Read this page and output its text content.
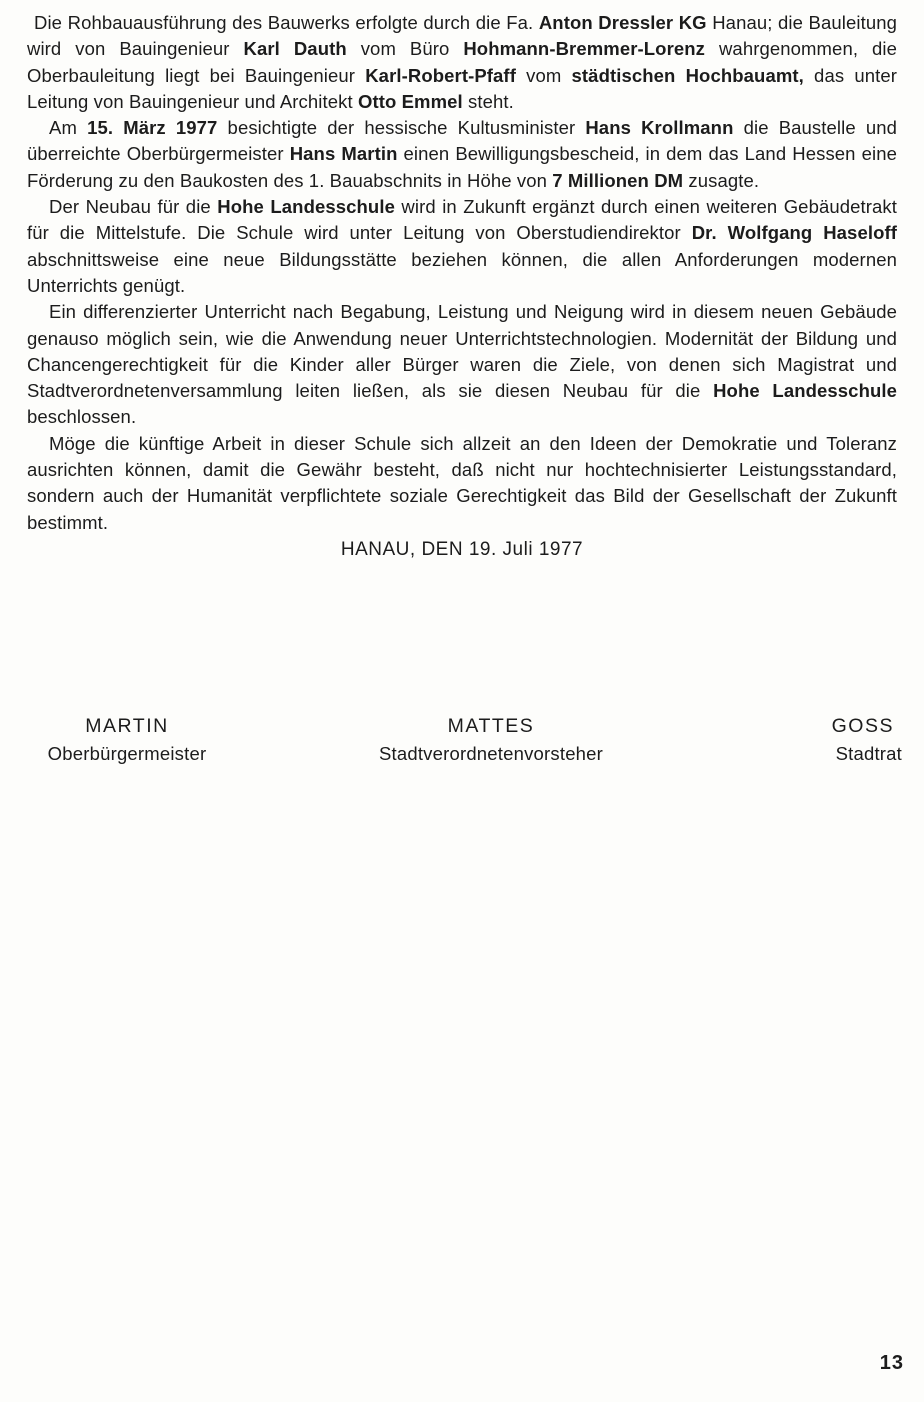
Die Rohbauausführung des Bauwerks erfolgte durch die Fa. Anton Dressler KG Hanau; die Bauleitung wird von Bauingenieur Karl Dauth vom Büro Hohmann-Bremmer-Lorenz wahrgenommen, die Oberbauleitung liegt bei Bauingenieur Karl-Robert-Pfaff vom städtischen Hochbauamt, das unter Leitung von Bauingenieur und Architekt Otto Emmel steht.

Am 15. März 1977 besichtigte der hessische Kultusminister Hans Krollmann die Baustelle und überreichte Oberbürgermeister Hans Martin einen Bewilligungsbescheid, in dem das Land Hessen eine Förderung zu den Baukosten des 1. Bauabschnits in Höhe von 7 Millionen DM zusagte.

Der Neubau für die Hohe Landesschule wird in Zukunft ergänzt durch einen weiteren Gebäudetrakt für die Mittelstufe. Die Schule wird unter Leitung von Oberstudiendirektor Dr. Wolfgang Haseloff abschnittsweise eine neue Bildungsstätte beziehen können, die allen Anforderungen modernen Unterrichts genügt.

Ein differenzierter Unterricht nach Begabung, Leistung und Neigung wird in diesem neuen Gebäude genauso möglich sein, wie die Anwendung neuer Unterrichtstechnologien. Modernität der Bildung und Chancengerechtigkeit für die Kinder aller Bürger waren die Ziele, von denen sich Magistrat und Stadtverordnetenversammlung leiten ließen, als sie diesen Neubau für die Hohe Landesschule beschlossen.

Möge die künftige Arbeit in dieser Schule sich allzeit an den Ideen der Demokratie und Toleranz ausrichten können, damit die Gewähr besteht, daß nicht nur hochtechnisierter Leistungsstandard, sondern auch der Humanität verpflichtete soziale Gerechtigkeit das Bild der Gesellschaft der Zukunft bestimmt.

HANAU, DEN 19. Juli 1977
MARTIN
Oberbürgermeister
MATTES
Stadtverordnetenvorsteher
GOSS
Stadtrat
13
